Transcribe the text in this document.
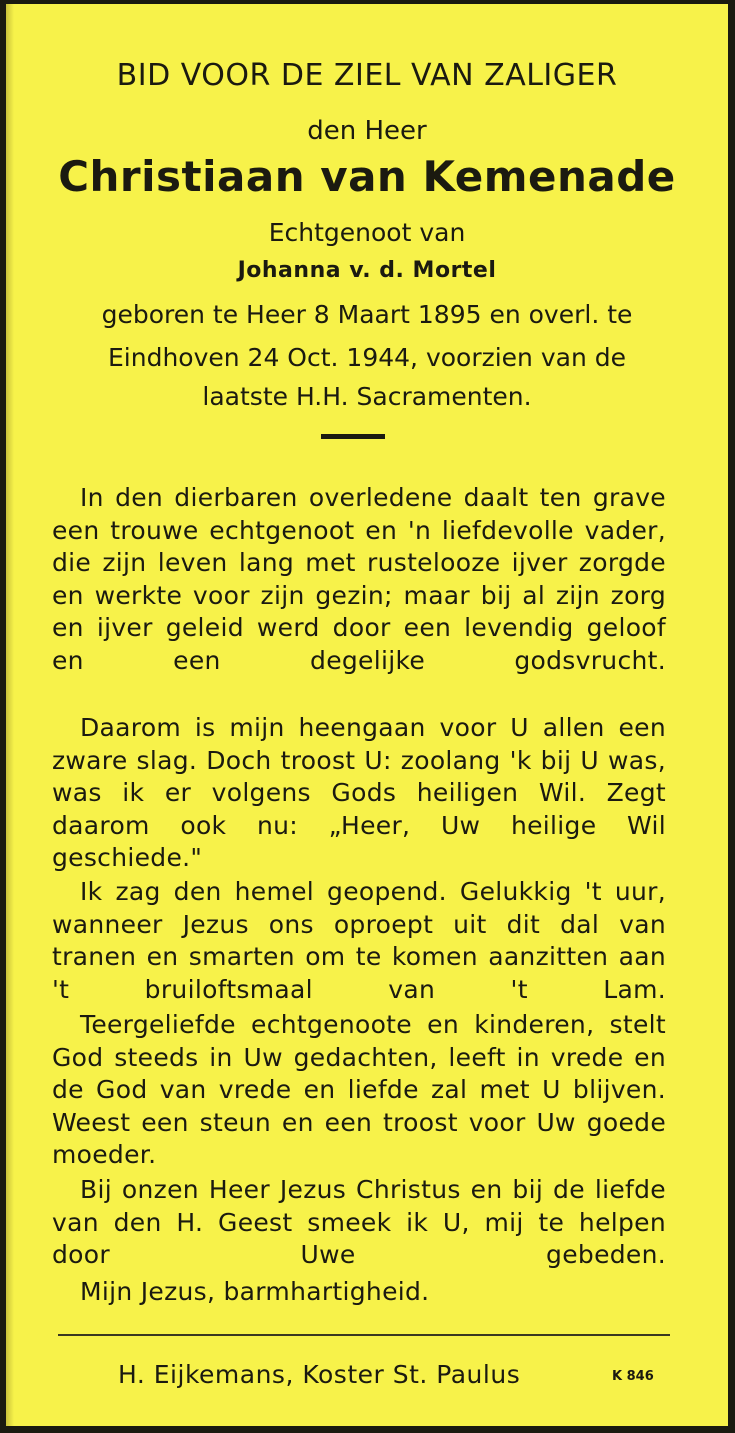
BID VOOR DE ZIEL VAN ZALIGER

den Heer

Christiaan van Kemenade

Echtgenoot van

Johanna v. d. Mortel

geboren te Heer 8 Maart 1895 en overl. te

Eindhoven 24 Oct. 1944, voorzien van de

laatste H.H. Sacramenten.

In den dierbaren overledene daalt ten grave een trouwe echtgenoot en 'n liefdevolle vader, die zijn leven lang met rustelooze ijver zorgde en werkte voor zijn gezin; maar bij al zijn zorg en ijver geleid werd door een levendig geloof en een degelijke godsvrucht.

Daarom is mijn heengaan voor U allen een zware slag. Doch troost U: zoolang 'k bij U was, was ik er volgens Gods heiligen Wil. Zegt daarom ook nu: „Heer, Uw heilige Wil geschiede."

Ik zag den hemel geopend. Gelukkig 't uur, wanneer Jezus ons oproept uit dit dal van tranen en smarten om te komen aanzitten aan 't bruiloftsmaal van 't Lam.

Teergeliefde echtgenoote en kinderen, stelt God steeds in Uw gedachten, leeft in vrede en de God van vrede en liefde zal met U blijven. Weest een steun en een troost voor Uw goede moeder.

Bij onzen Heer Jezus Christus en bij de liefde van den H. Geest smeek ik U, mij te helpen door Uwe gebeden.

Mijn Jezus, barmhartigheid.

H. Eijkemans, Koster St. Paulus	K 846
